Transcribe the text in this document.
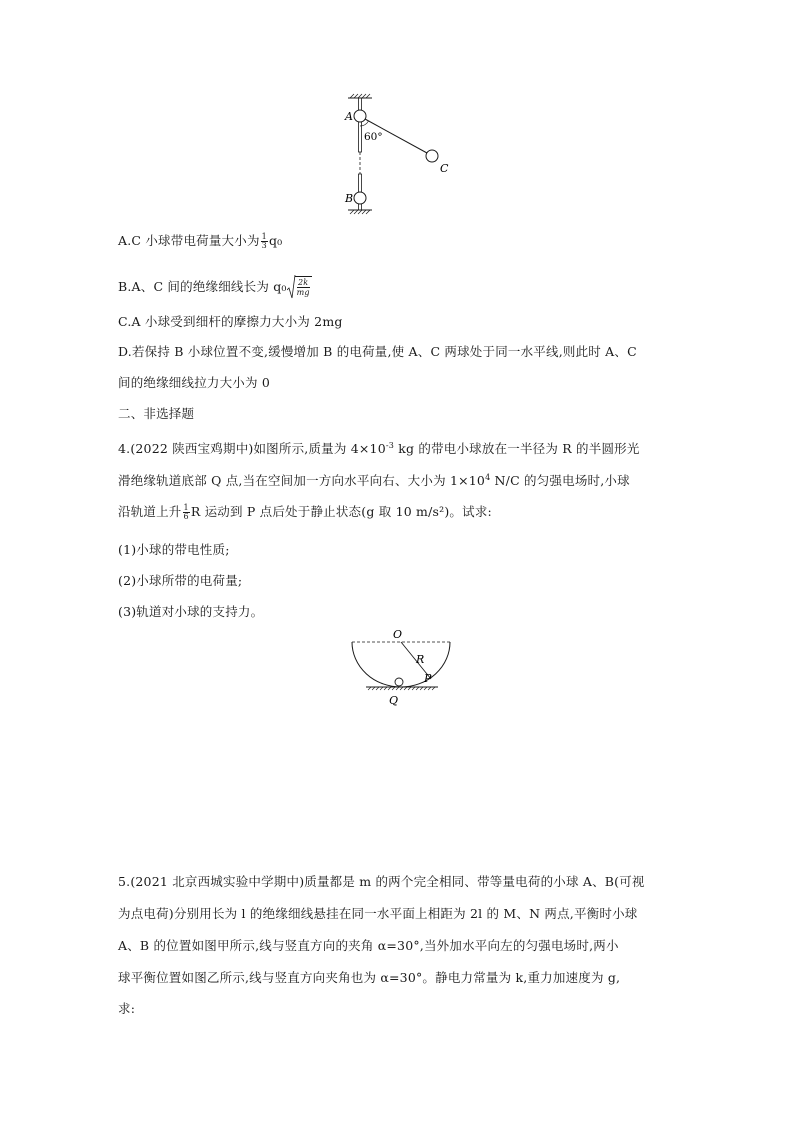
A
60°
C
B
A.C 小球带电荷量大小为 $\frac{1}{3} q_0$
B.A、C 间的绝缘细线长为 $q_0 \frac{2k}{mg}$
C.A 小球受到细杆的摩擦力大小为 2mg
D.若保持 B 小球位置不变,缓慢增加 B 的电荷量,使 A、C 两球处于同一水平线,则此时 A、C
间的绝缘细线拉力大小为 0
二、非选择题
4.(2022 陕西宝鸡期中)如图所示,质量为 $4\times 10^{-3}$ kg 的带电小球放在一半径为 R 的半圆形光
滑绝缘轨道底部 Q 点,当在空间加一方向水平向右、大小为 $1\times 10^4$ N/C 的匀强电场时,小球
沿轨道上升 $\frac{1}{6}$ R 运动到 P 点后处于静止状态(g 取 10 m/s²)。试求:
(1)小球的带电性质;
(2)小球所带的电荷量;
(3)轨道对小球的支持力。
O
R
P
Q
5.(2021 北京西城实验中学期中)质量都是 m 的两个完全相同、带等量电荷的小球 A、B(可视
为点电荷)分别用长为 l 的绝缘细线悬挂在同一水平面上相距为 2l 的 M、N 两点,平衡时小球
A、B 的位置如图甲所示,线与竖直方向的夹角 α=30°,当外加水平向左的匀强电场时,两小
球平衡位置如图乙所示,线与竖直方向夹角也为 α=30°。静电力常量为 k,重力加速度为 g,
求:
